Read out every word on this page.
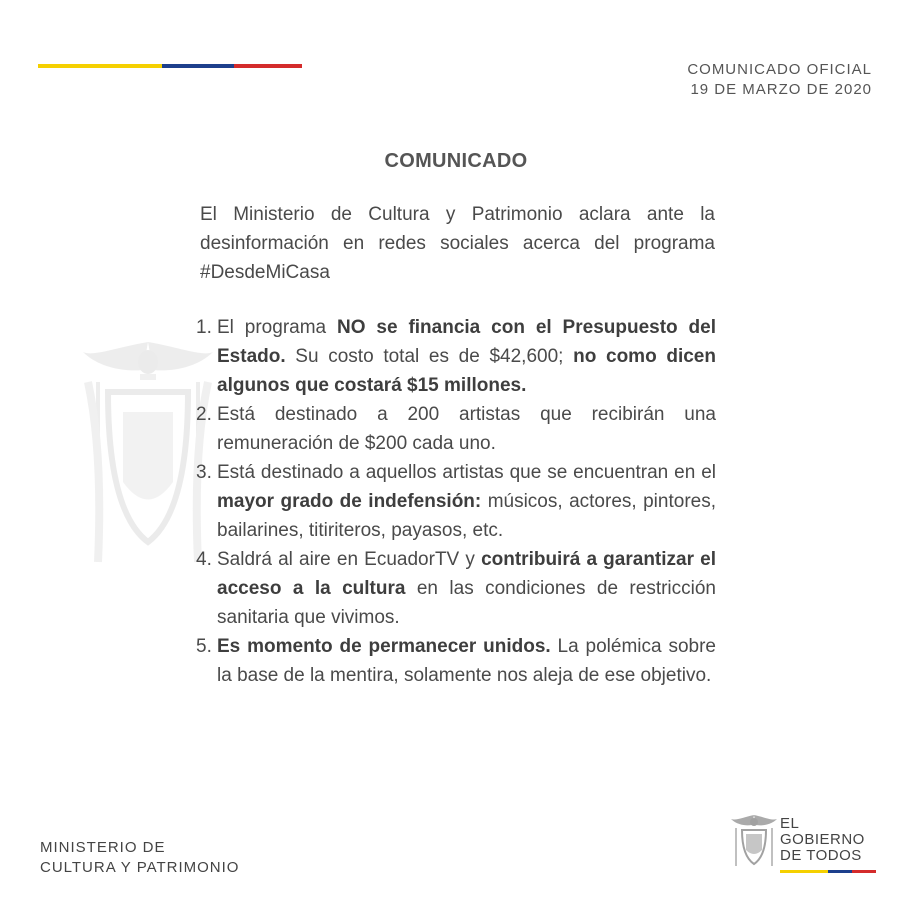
COMUNICADO OFICIAL
19 DE MARZO DE 2020
COMUNICADO
El Ministerio de Cultura y Patrimonio aclara ante la desinformación en redes sociales acerca del programa #DesdeMiCasa
1. El programa NO se financia con el Presupuesto del Estado. Su costo total es de $42,600; no como dicen algunos que costará $15 millones.
2. Está destinado a 200 artistas que recibirán una remuneración de $200 cada uno.
3. Está destinado a aquellos artistas que se encuentran en el mayor grado de indefensión: músicos, actores, pintores, bailarines, titiriteros, payasos, etc.
4. Saldrá al aire en EcuadorTV y contribuirá a garantizar el acceso a la cultura en las condiciones de restricción sanitaria que vivimos.
5. Es momento de permanecer unidos. La polémica sobre la base de la mentira, solamente nos aleja de ese objetivo.
MINISTERIO DE
CULTURA Y PATRIMONIO
EL
GOBIERNO
DE TODOS
